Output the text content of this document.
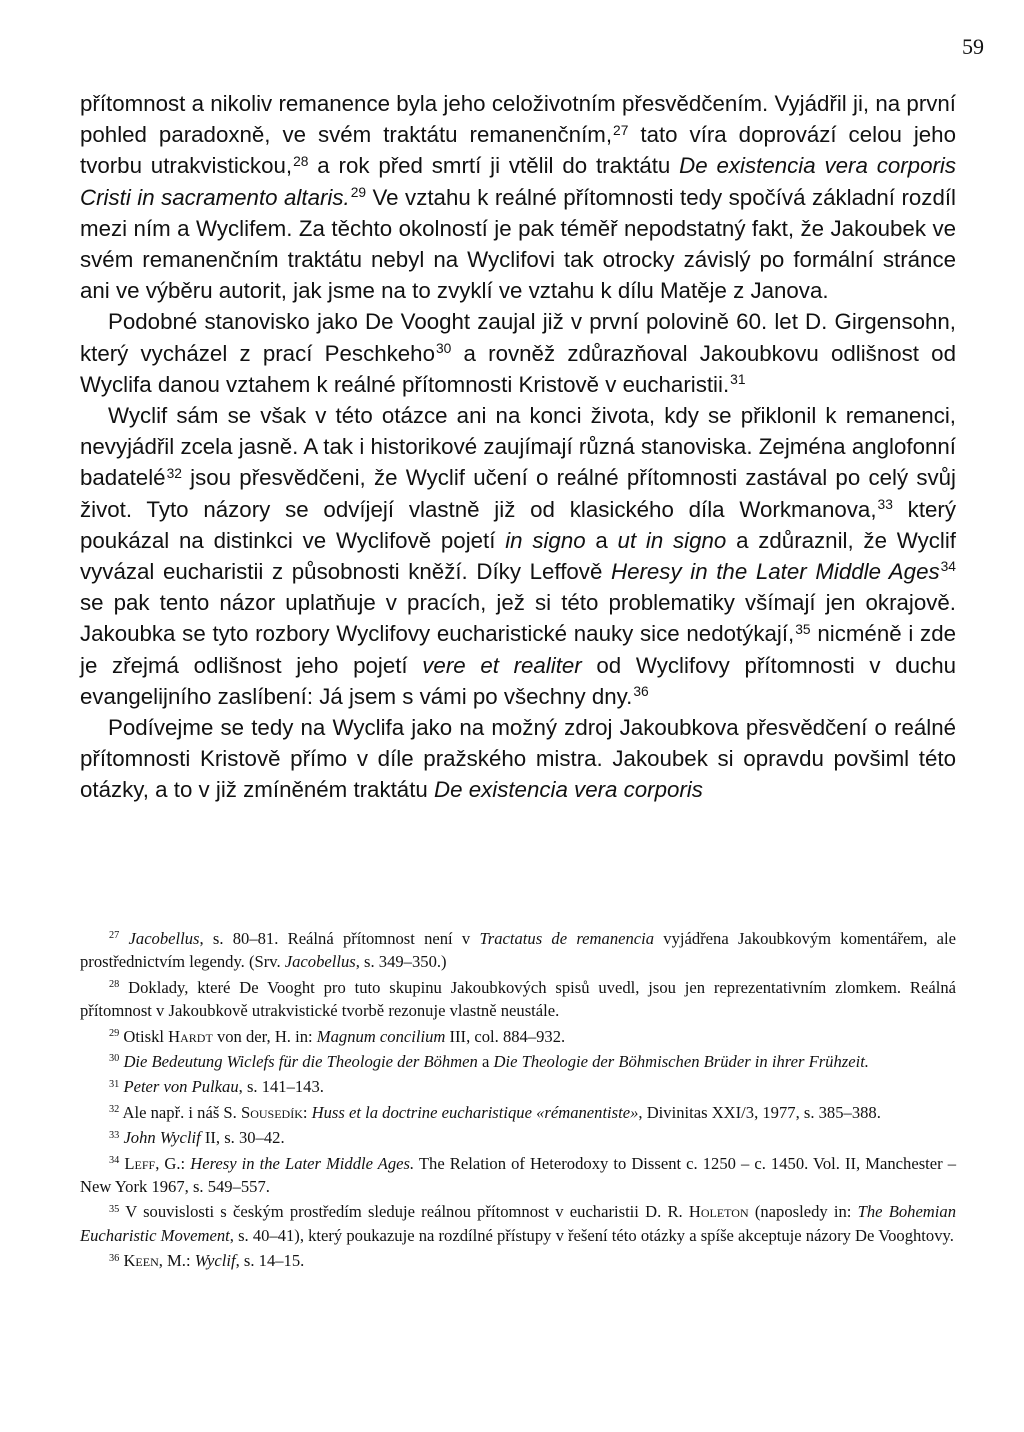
59

přítomnost a nikoliv remanence byla jeho celoživotním přesvědčením. Vyjádřil ji, na první pohled paradoxně, ve svém traktátu remanenčním,$^{27}$ tato víra doprovází celou jeho tvorbu utrakvistickou,$^{28}$ a rok před smrtí ji vtělil do traktátu De existencia vera corporis Cristi in sacramento altaris.$^{29}$ Ve vztahu k reálné přítomnosti tedy spočívá základní rozdíl mezi ním a Wyclifem. Za těchto okolností je pak téměř nepodstatný fakt, že Jakoubek ve svém remanenčním traktátu nebyl na Wyclifovi tak otrocky závislý po formální stránce ani ve výběru autorit, jak jsme na to zvyklí ve vztahu k dílu Matěje z Janova.

Podobné stanovisko jako De Vooght zaujal již v první polovině 60. let D. Girgensohn, který vycházel z prací Peschkeho$^{30}$ a rovněž zdůrazňoval Jakoubkovu odlišnost od Wyclifa danou vztahem k reálné přítomnosti Kristově v eucharistii.$^{31}$

Wyclif sám se však v této otázce ani na konci života, kdy se přiklonil k remanenci, nevyjádřil zcela jasně. A tak i historikové zaujímají různá stanoviska. Zejména anglofonní badatelé$^{32}$ jsou přesvědčeni, že Wyclif učení o reálné přítomnosti zastával po celý svůj život. Tyto názory se odvíjejí vlastně již od klasického díla Workmanova,$^{33}$ který poukázal na distinkci ve Wyclifově pojetí in signo a ut in signo a zdůraznil, že Wyclif vyvázal eucharistii z působnosti kněží. Díky Leffově Heresy in the Later Middle Ages$^{34}$ se pak tento názor uplatňuje v pracích, jež si této problematiky všímají jen okrajově. Jakoubka se tyto rozbory Wyclifovy eucharistické nauky sice nedotýkají,$^{35}$ nicméně i zde je zřejmá odlišnost jeho pojetí vere et realiter od Wyclifovy přítomnosti v duchu evangelijního zaslíbení: Já jsem s vámi po všechny dny.$^{36}$

Podívejme se tedy na Wyclifa jako na možný zdroj Jakoubkova přesvědčení o reálné přítomnosti Kristově přímo v díle pražského mistra. Jakoubek si opravdu povšiml této otázky, a to v již zmíněném traktátu De existencia vera corporis

$^{27}$ Jacobellus, s. 80–81. Reálná přítomnost není v Tractatus de remanencia vyjádřena Jakoubkovým komentářem, ale prostřednictvím legendy. (Srv. Jacobellus, s. 349–350.)

$^{28}$ Doklady, které De Vooght pro tuto skupinu Jakoubkových spisů uvedl, jsou jen reprezentativním zlomkem. Reálná přítomnost v Jakoubkově utrakvistické tvorbě rezonuje vlastně neustále.

$^{29}$ Otiskl Hardt von der, H. in: Magnum concilium III, col. 884–932.

$^{30}$ Die Bedeutung Wiclefs für die Theologie der Böhmen a Die Theologie der Böhmischen Brüder in ihrer Frühzeit.

$^{31}$ Peter von Pulkau, s. 141–143.

$^{32}$ Ale např. i náš S. Sousedík: Huss et la doctrine eucharistique «rémanentiste», Divinitas XXI/3, 1977, s. 385–388.

$^{33}$ John Wyclif II, s. 30–42.

$^{34}$ Leff, G.: Heresy in the Later Middle Ages. The Relation of Heterodoxy to Dissent c. 1250 – c. 1450. Vol. II, Manchester – New York 1967, s. 549–557.

$^{35}$ V souvislosti s českým prostředím sleduje reálnou přítomnost v eucharistii D. R. Holeton (naposledy in: The Bohemian Eucharistic Movement, s. 40–41), který poukazuje na rozdílné přístupy v řešení této otázky a spíše akceptuje názory De Vooghtovy.

$^{36}$ Keen, M.: Wyclif, s. 14–15.
